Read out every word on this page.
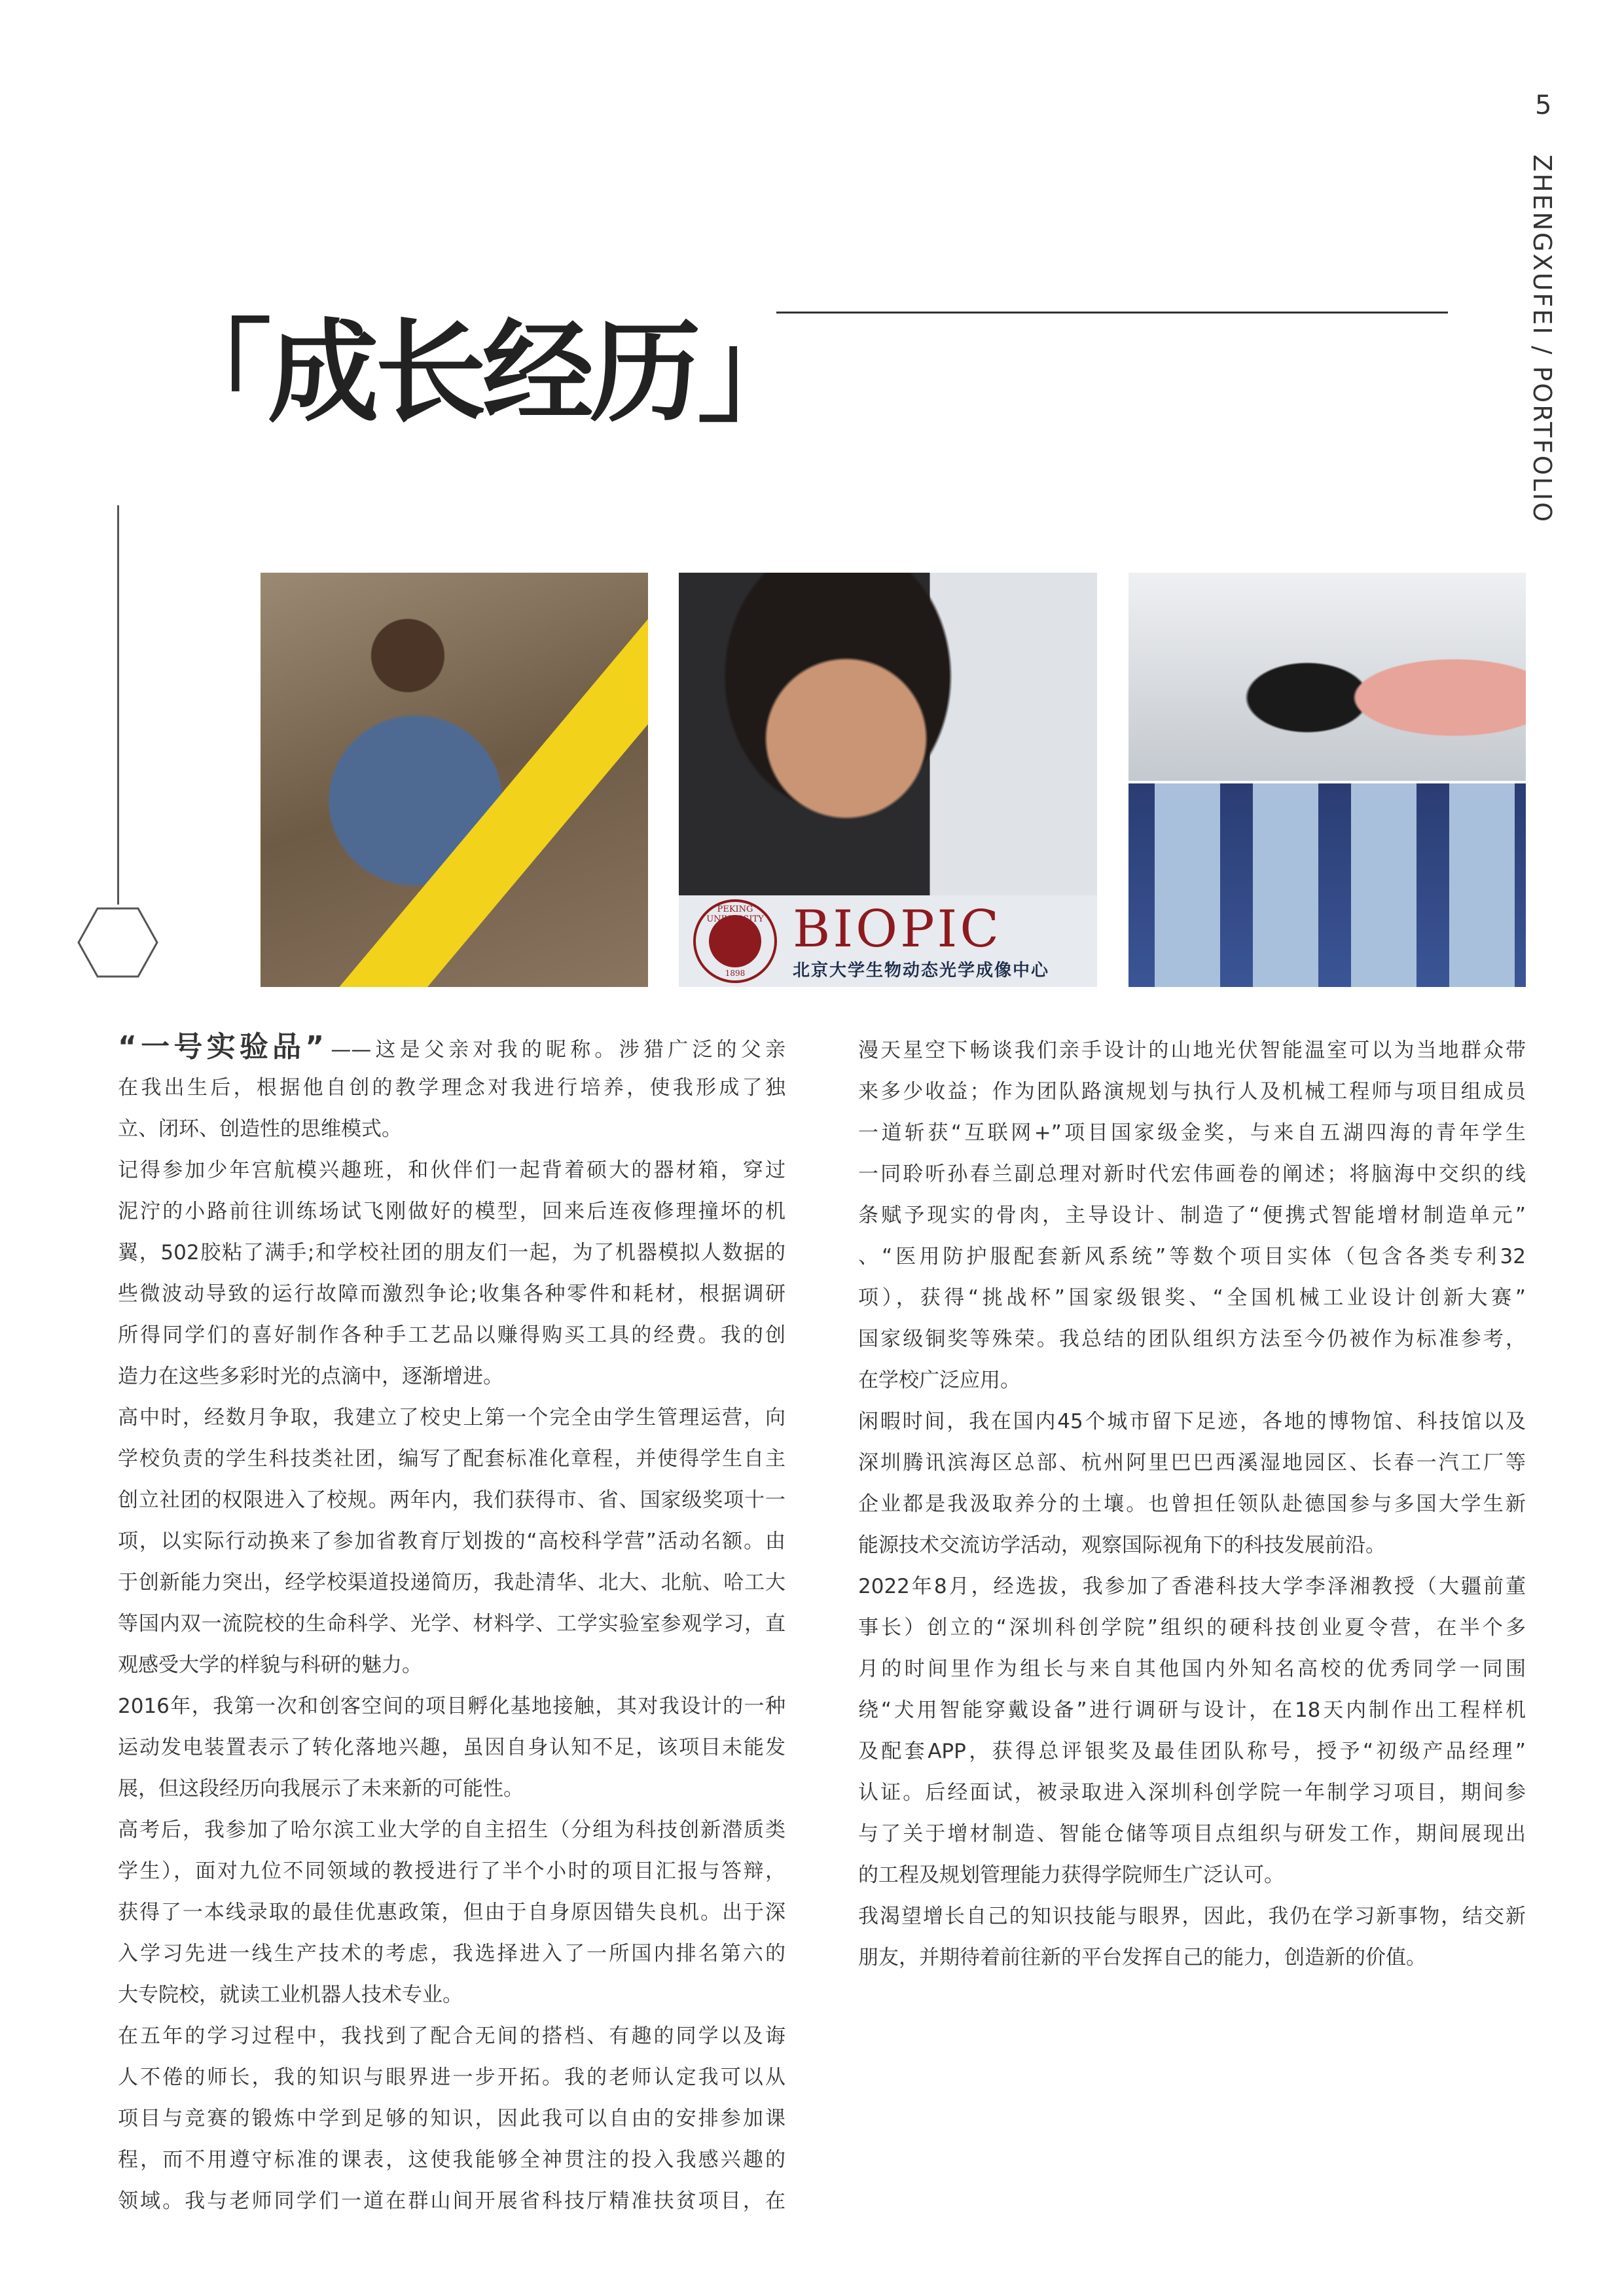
5
ZHENGXUFEI / PORTFOLIO
「成长经历」
PEKING UNIVERSITY
1898
BIOPIC
北京大学生物动态光学成像中心
“一号实验品” ——这是父亲对我的昵称。涉猎广泛的父亲
在我出生后，根据他自创的教学理念对我进行培养，使我形成了独
立、闭环、创造性的思维模式。
记得参加少年宫航模兴趣班，和伙伴们一起背着硕大的器材箱，穿过
泥泞的小路前往训练场试飞刚做好的模型，回来后连夜修理撞坏的机
翼，502胶粘了满手;和学校社团的朋友们一起，为了机器模拟人数据的
些微波动导致的运行故障而激烈争论;收集各种零件和耗材，根据调研
所得同学们的喜好制作各种手工艺品以赚得购买工具的经费。我的创
造力在这些多彩时光的点滴中，逐渐增进。
高中时，经数月争取，我建立了校史上第一个完全由学生管理运营，向
学校负责的学生科技类社团，编写了配套标准化章程，并使得学生自主
创立社团的权限进入了校规。两年内，我们获得市、省、国家级奖项十一
项，以实际行动换来了参加省教育厅划拨的“高校科学营”活动名额。由
于创新能力突出，经学校渠道投递简历，我赴清华、北大、北航、哈工大
等国内双一流院校的生命科学、光学、材料学、工学实验室参观学习，直
观感受大学的样貌与科研的魅力。
2016年，我第一次和创客空间的项目孵化基地接触，其对我设计的一种
运动发电装置表示了转化落地兴趣，虽因自身认知不足，该项目未能发
展，但这段经历向我展示了未来新的可能性。
高考后，我参加了哈尔滨工业大学的自主招生（分组为科技创新潜质类
学生），面对九位不同领域的教授进行了半个小时的项目汇报与答辩，
获得了一本线录取的最佳优惠政策，但由于自身原因错失良机。出于深
入学习先进一线生产技术的考虑，我选择进入了一所国内排名第六的
大专院校，就读工业机器人技术专业。
在五年的学习过程中，我找到了配合无间的搭档、有趣的同学以及诲
人不倦的师长，我的知识与眼界进一步开拓。我的老师认定我可以从
项目与竞赛的锻炼中学到足够的知识，因此我可以自由的安排参加课
程，而不用遵守标准的课表，这使我能够全神贯注的投入我感兴趣的
领域。我与老师同学们一道在群山间开展省科技厅精准扶贫项目，在
漫天星空下畅谈我们亲手设计的山地光伏智能温室可以为当地群众带
来多少收益；作为团队路演规划与执行人及机械工程师与项目组成员
一道斩获“互联网+”项目国家级金奖，与来自五湖四海的青年学生
一同聆听孙春兰副总理对新时代宏伟画卷的阐述；将脑海中交织的线
条赋予现实的骨肉，主导设计、制造了“便携式智能增材制造单元”
、“医用防护服配套新风系统”等数个项目实体（包含各类专利32
项），获得“挑战杯”国家级银奖、“全国机械工业设计创新大赛”
国家级铜奖等殊荣。我总结的团队组织方法至今仍被作为标准参考，
在学校广泛应用。
闲暇时间，我在国内45个城市留下足迹，各地的博物馆、科技馆以及
深圳腾讯滨海区总部、杭州阿里巴巴西溪湿地园区、长春一汽工厂等
企业都是我汲取养分的土壤。也曾担任领队赴德国参与多国大学生新
能源技术交流访学活动，观察国际视角下的科技发展前沿。
2022年8月，经选拔，我参加了香港科技大学李泽湘教授（大疆前董
事长）创立的“深圳科创学院”组织的硬科技创业夏令营，在半个多
月的时间里作为组长与来自其他国内外知名高校的优秀同学一同围
绕“犬用智能穿戴设备”进行调研与设计，在18天内制作出工程样机
及配套APP，获得总评银奖及最佳团队称号，授予“初级产品经理”
认证。后经面试，被录取进入深圳科创学院一年制学习项目，期间参
与了关于增材制造、智能仓储等项目点组织与研发工作，期间展现出
的工程及规划管理能力获得学院师生广泛认可。
我渴望增长自己的知识技能与眼界，因此，我仍在学习新事物，结交新
朋友，并期待着前往新的平台发挥自己的能力，创造新的价值。
